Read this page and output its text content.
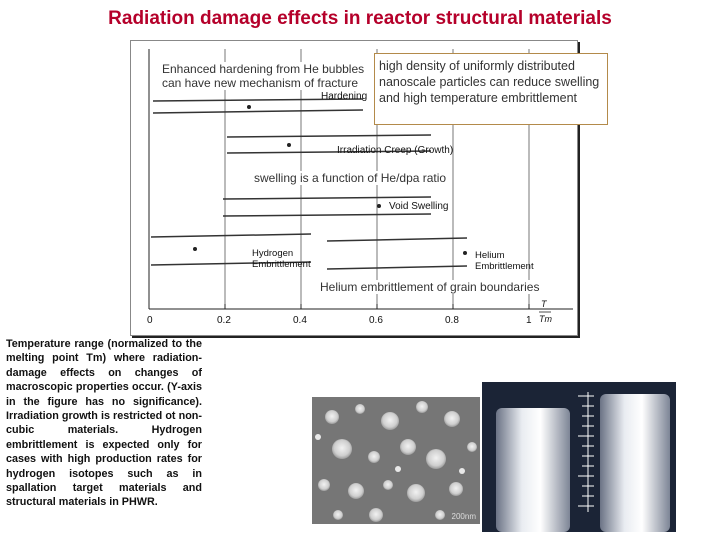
Radiation damage effects in reactor structural materials
Hardening
Irradiation Creep (Growth)
Void Swelling
Hydrogen
Embrittlement
Helium
Embrittlement
0	0.2	0.4	0.6	0.8	1
T
Tm
Enhanced hardening from He bubbles can have new mechanism of fracture
high density of uniformly distributed nanoscale particles can reduce swelling and high temperature embrittlement
swelling is a function of He/dpa ratio
Helium embrittlement of grain boundaries
Temperature range (normalized to the melting point Tm) where radiation-damage effects on changes of macroscopic properties occur. (Y-axis in the figure has no significance). Irradiation growth is restricted ot non-cubic materials. Hydrogen embrittlement is expected only for cases with high production rates for hydrogen isotopes such as in spallation target materials and structural materials in PHWR.
200nm
